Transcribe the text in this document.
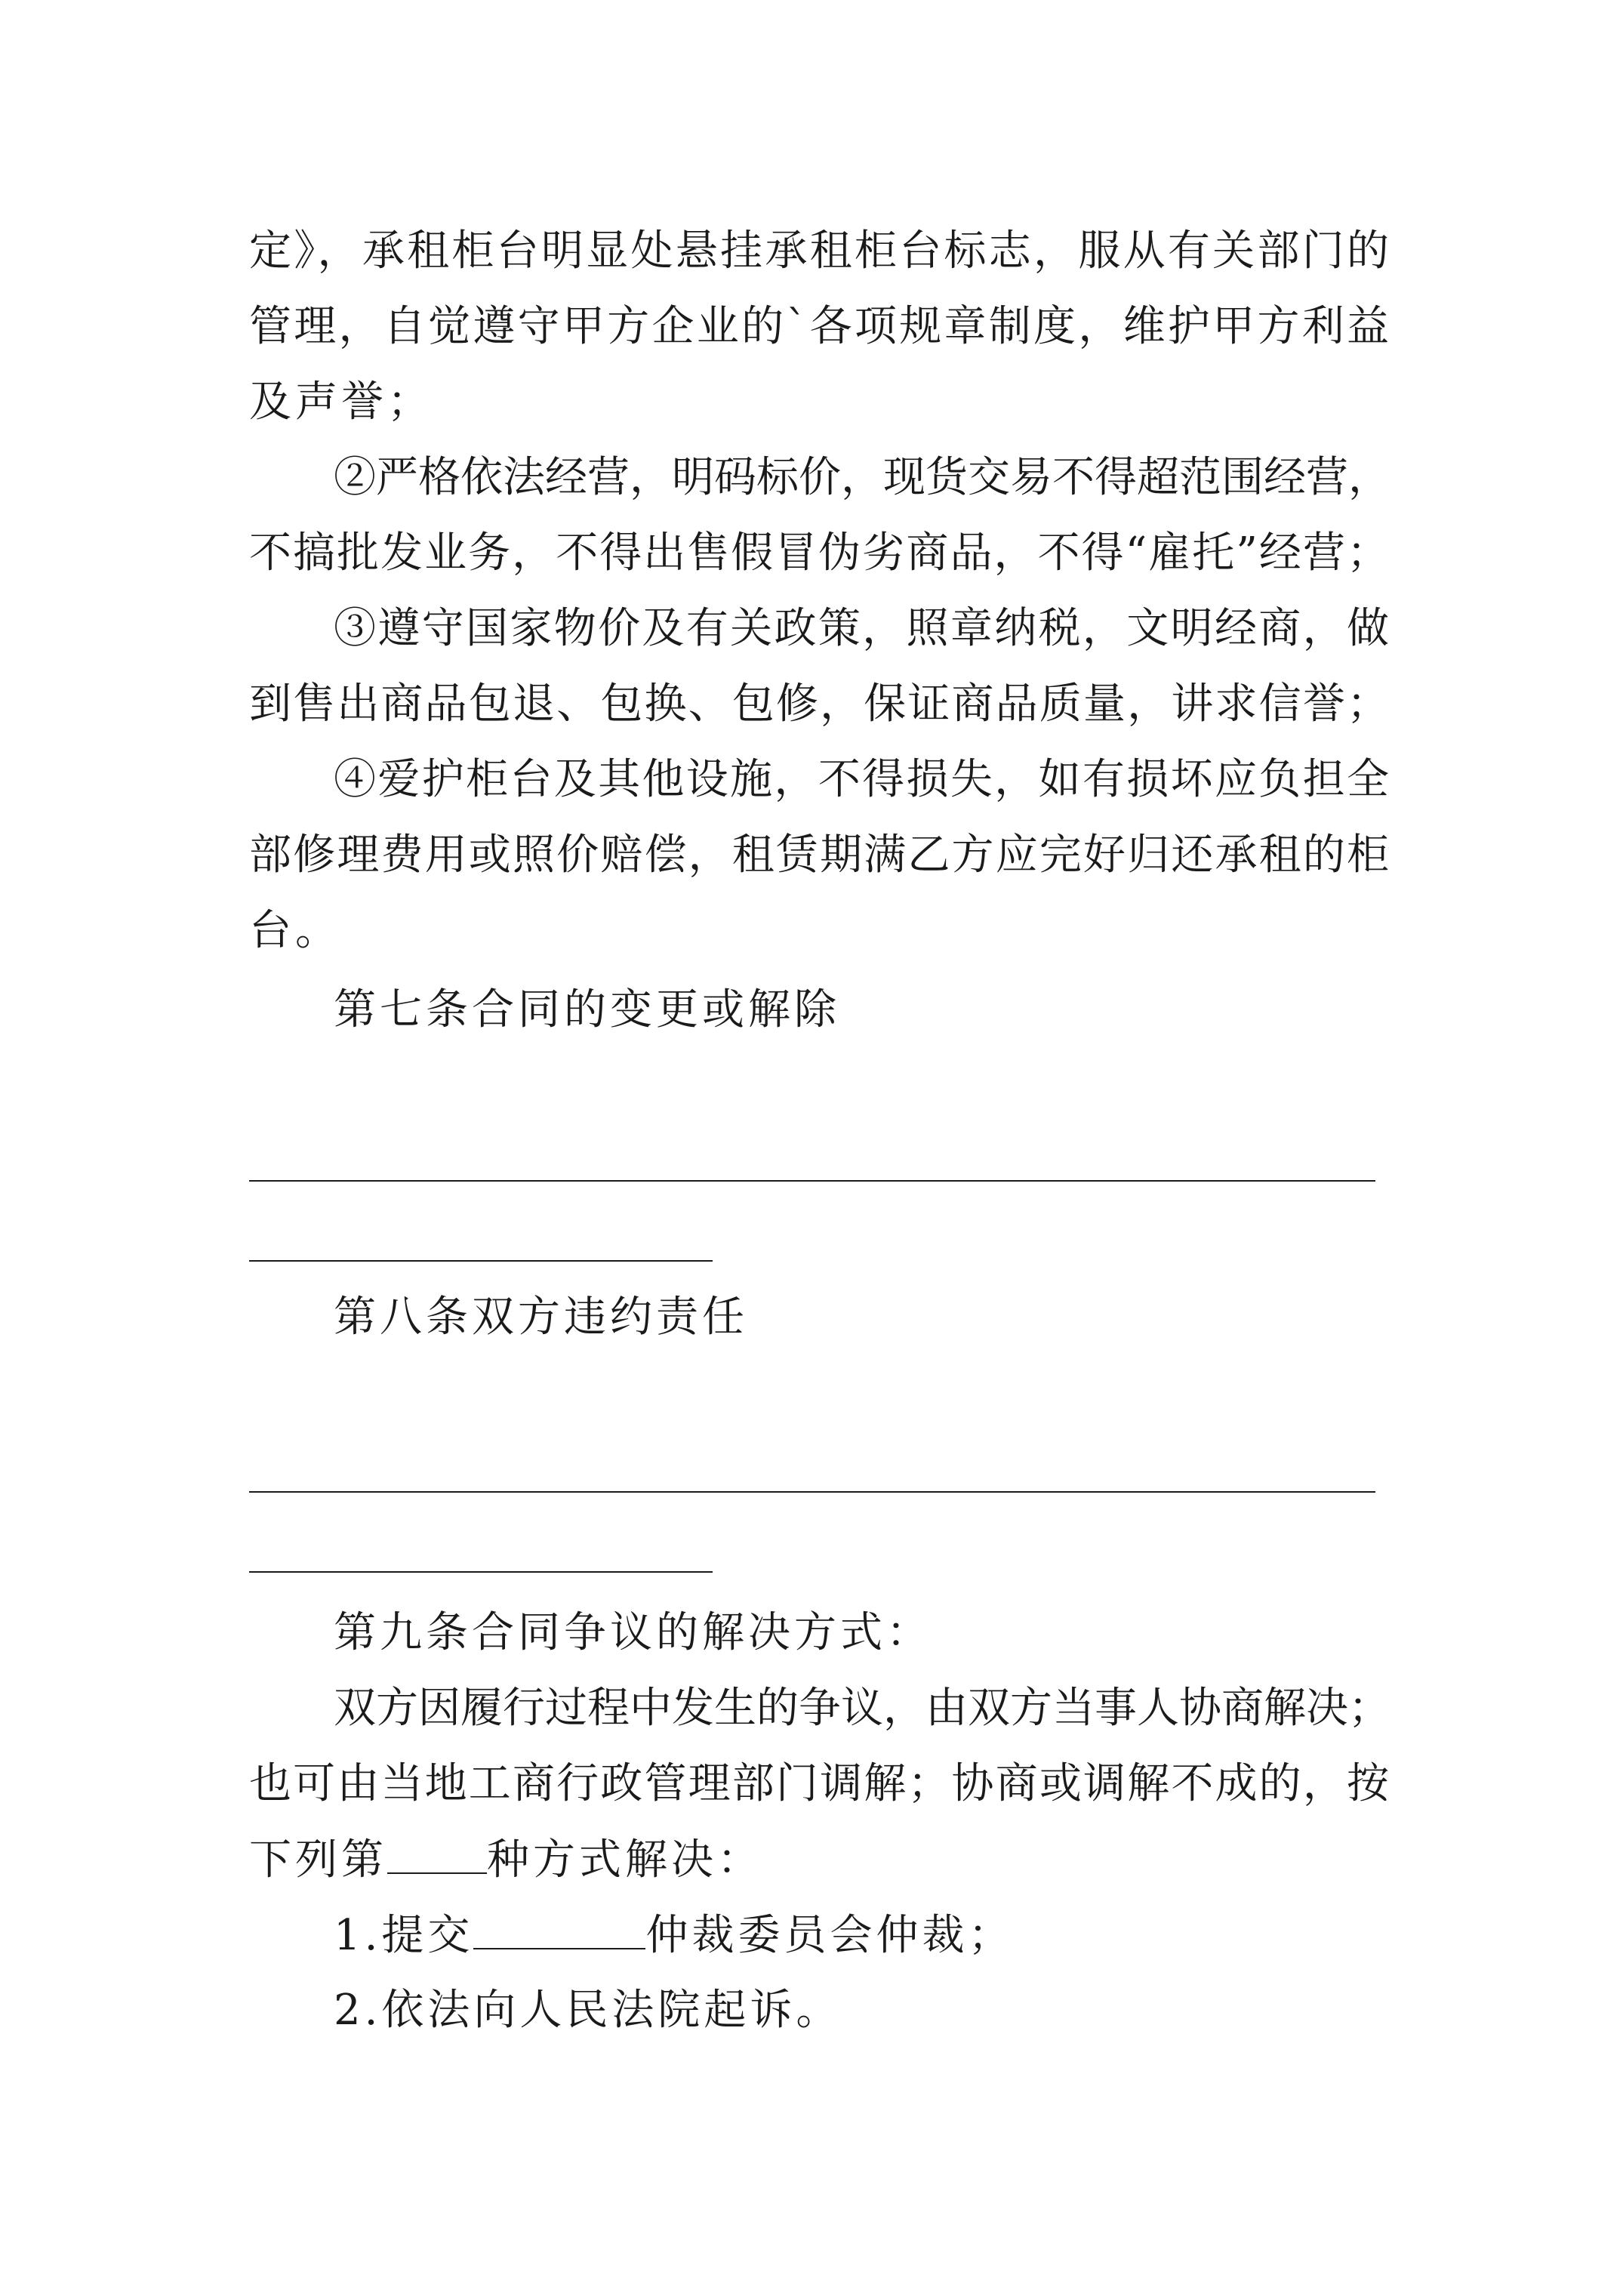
定》，承租柜台明显处悬挂承租柜台标志，服从有关部门的
管理，自觉遵守甲方企业的`各项规章制度，维护甲方利益
及声誉；
②严格依法经营，明码标价，现货交易不得超范围经营，
不搞批发业务，不得出售假冒伪劣商品，不得“雇托”经营；
③遵守国家物价及有关政策，照章纳税，文明经商，做
到售出商品包退、包换、包修，保证商品质量，讲求信誉；
④爱护柜台及其他设施，不得损失，如有损坏应负担全
部修理费用或照价赔偿，租赁期满乙方应完好归还承租的柜
台。
第七条合同的变更或解除
第八条双方违约责任
第九条合同争议的解决方式：
双方因履行过程中发生的争议，由双方当事人协商解决；
也可由当地工商行政管理部门调解；协商或调解不成的，按
下列第 种方式解决：
1.提交	仲裁委员会仲裁；
2.依法向人民法院起诉。
